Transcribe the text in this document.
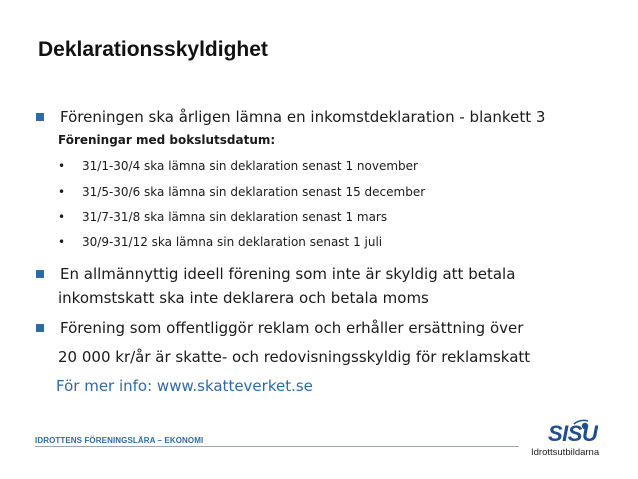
Deklarationsskyldighet
Föreningen ska årligen lämna en inkomstdeklaration - blankett 3
Föreningar med bokslutsdatum:
• 31/1-30/4 ska lämna sin deklaration senast 1 november
• 31/5-30/6 ska lämna sin deklaration senast 15 december
• 31/7-31/8 ska lämna sin deklaration senast 1 mars
• 30/9-31/12 ska lämna sin deklaration senast 1 juli
En allmännyttig ideell förening som inte är skyldig att betala
inkomstskatt ska inte deklarera och betala moms
Förening som offentliggör reklam och erhåller ersättning över
20 000 kr/år är skatte- och redovisningsskyldig för reklamskatt
För mer info: www.skatteverket.se
IDROTTENS FÖRENINGSLÄRA – EKONOMI	SISU
Idrottsutbildarna
